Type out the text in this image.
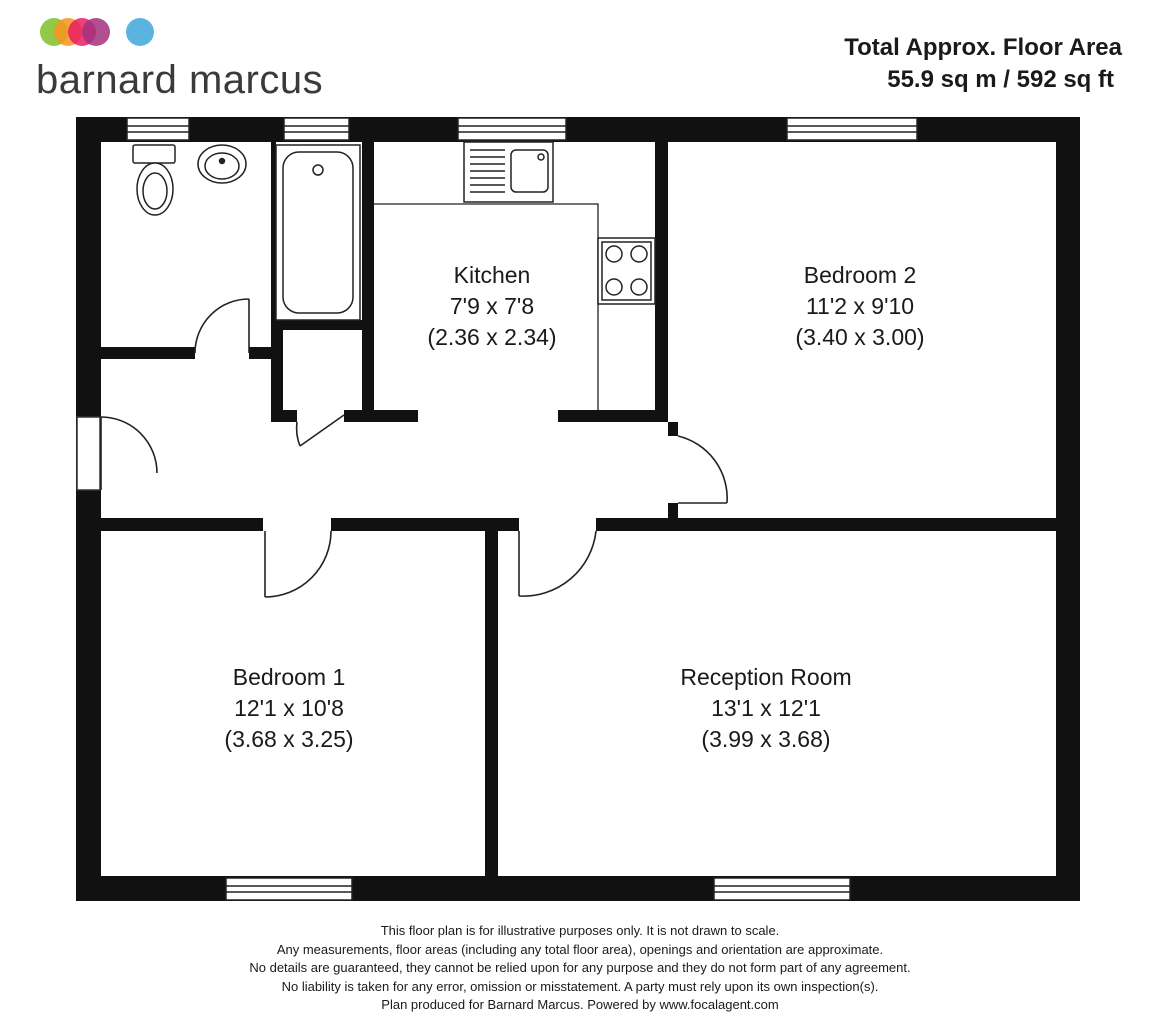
barnard marcus
Total Approx. Floor Area
55.9 sq m / 592 sq ft
Kitchen
7'9 x 7'8
(2.36 x 2.34)
Bedroom 2
11'2 x 9'10
(3.40 x 3.00)
Bedroom 1
12'1 x 10'8
(3.68 x 3.25)
Reception Room
13'1 x 12'1
(3.99 x 3.68)
This floor plan is for illustrative purposes only. It is not drawn to scale.
Any measurements, floor areas (including any total floor area), openings and orientation are approximate.
No details are guaranteed, they cannot be relied upon for any purpose and they do not form part of any agreement.
No liability is taken for any error, omission or misstatement. A party must rely upon its own inspection(s).
Plan produced for Barnard Marcus. Powered by www.focalagent.com
